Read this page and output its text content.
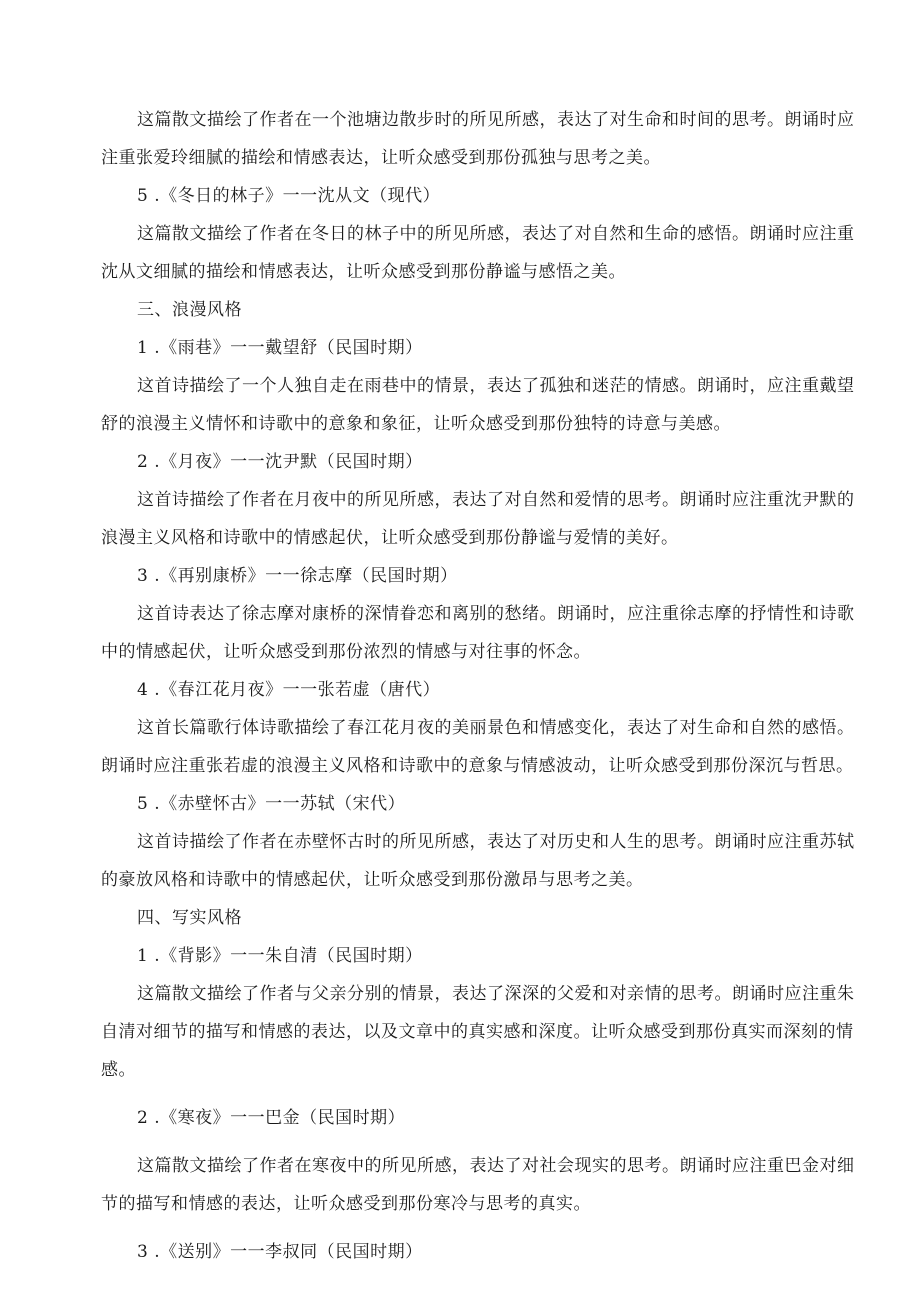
这篇散文描绘了作者在一个池塘边散步时的所见所感，表达了对生命和时间的思考。朗诵时应
注重张爱玲细腻的描绘和情感表达，让听众感受到那份孤独与思考之美。
5 .《冬日的林子》一一沈从文（现代）
这篇散文描绘了作者在冬日的林子中的所见所感，表达了对自然和生命的感悟。朗诵时应注重
沈从文细腻的描绘和情感表达，让听众感受到那份静谧与感悟之美。
三、浪漫风格
1 .《雨巷》一一戴望舒（民国时期）
这首诗描绘了一个人独自走在雨巷中的情景，表达了孤独和迷茫的情感。朗诵时，应注重戴望
舒的浪漫主义情怀和诗歌中的意象和象征，让听众感受到那份独特的诗意与美感。
2 .《月夜》一一沈尹默（民国时期）
这首诗描绘了作者在月夜中的所见所感，表达了对自然和爱情的思考。朗诵时应注重沈尹默的
浪漫主义风格和诗歌中的情感起伏，让听众感受到那份静谧与爱情的美好。
3 .《再别康桥》一一徐志摩（民国时期）
这首诗表达了徐志摩对康桥的深情眷恋和离别的愁绪。朗诵时，应注重徐志摩的抒情性和诗歌
中的情感起伏，让听众感受到那份浓烈的情感与对往事的怀念。
4 .《春江花月夜》一一张若虚（唐代）
这首长篇歌行体诗歌描绘了春江花月夜的美丽景色和情感变化，表达了对生命和自然的感悟。
朗诵时应注重张若虚的浪漫主义风格和诗歌中的意象与情感波动，让听众感受到那份深沉与哲思。
5 .《赤壁怀古》一一苏轼（宋代）
这首诗描绘了作者在赤壁怀古时的所见所感，表达了对历史和人生的思考。朗诵时应注重苏轼
的豪放风格和诗歌中的情感起伏，让听众感受到那份激昂与思考之美。
四、写实风格
1 .《背影》一一朱自清（民国时期）
这篇散文描绘了作者与父亲分别的情景，表达了深深的父爱和对亲情的思考。朗诵时应注重朱
自清对细节的描写和情感的表达，以及文章中的真实感和深度。让听众感受到那份真实而深刻的情
感。
2 .《寒夜》一一巴金（民国时期）
这篇散文描绘了作者在寒夜中的所见所感，表达了对社会现实的思考。朗诵时应注重巴金对细
节的描写和情感的表达，让听众感受到那份寒冷与思考的真实。
3 .《送别》一一李叔同（民国时期）
